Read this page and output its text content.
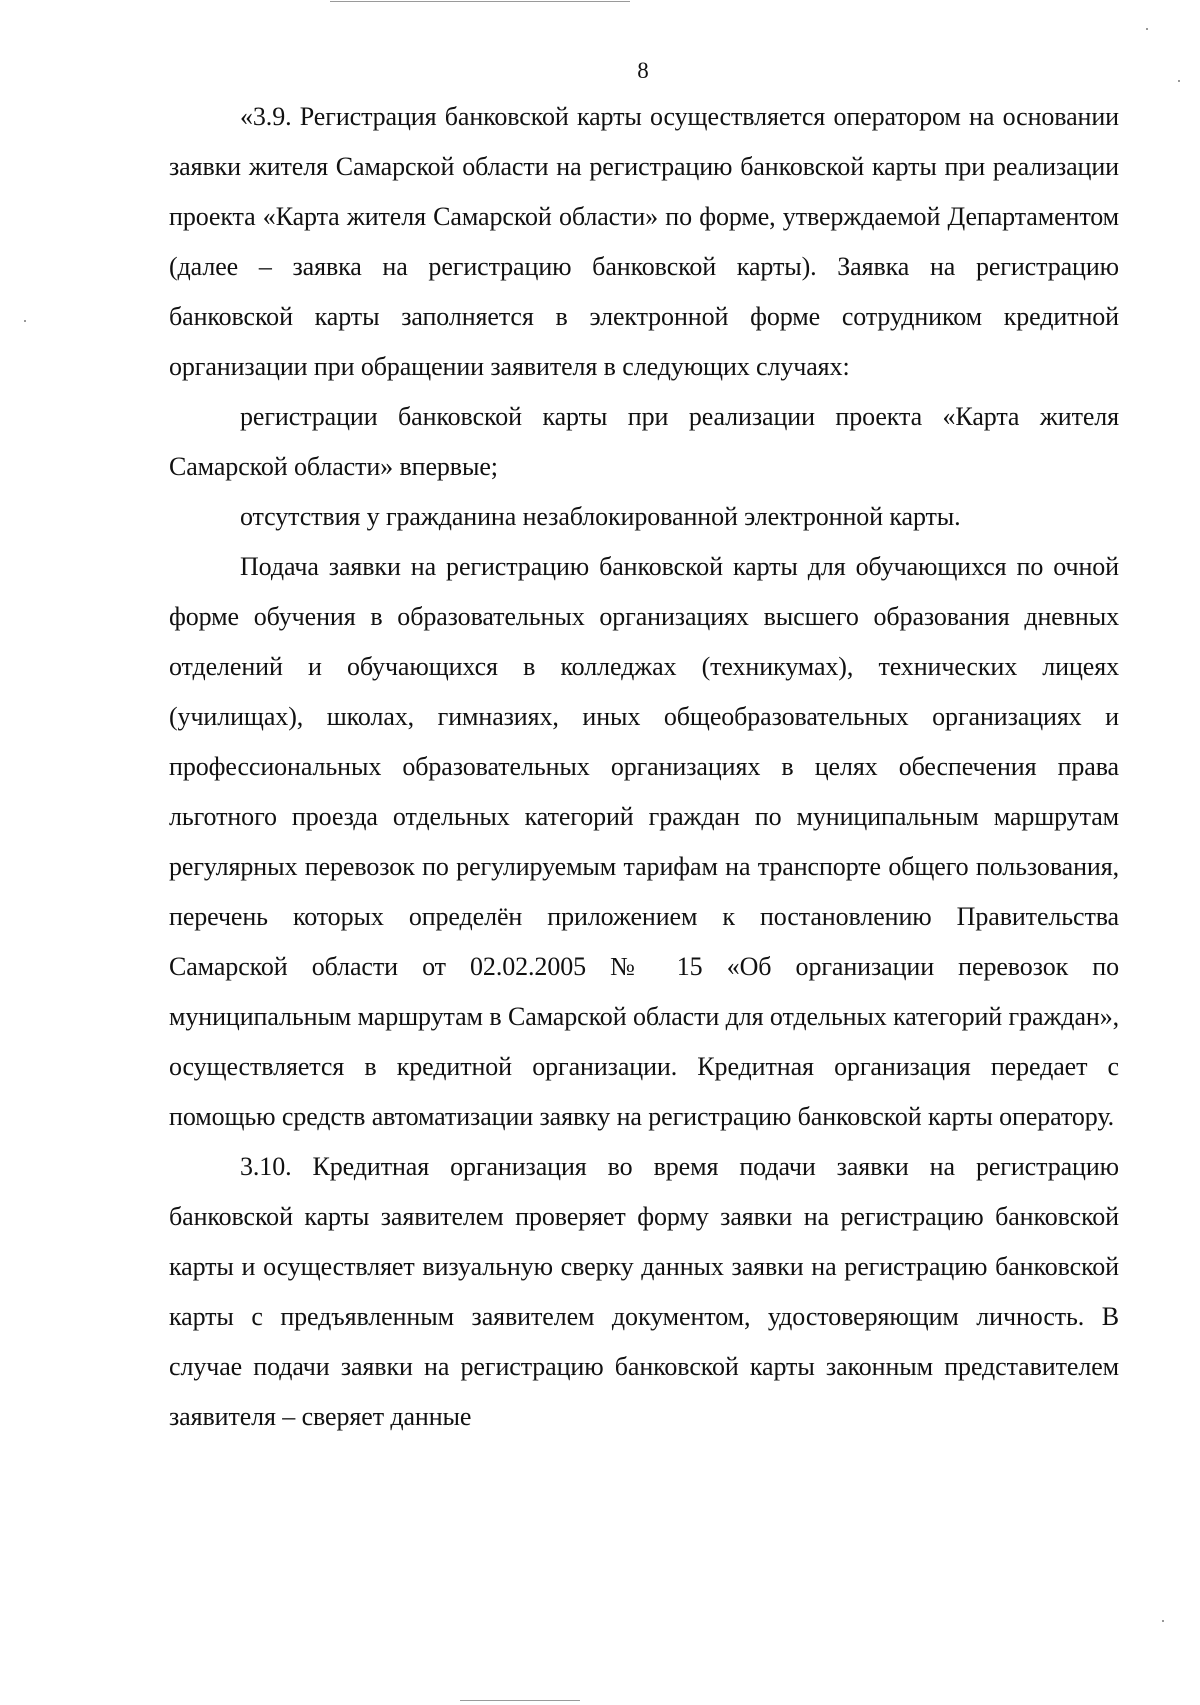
8

«3.9. Регистрация банковской карты осуществляется оператором на основании заявки жителя Самарской области на регистрацию банковской карты при реализации проекта «Карта жителя Самарской области» по форме, утверждаемой Департаментом (далее – заявка на регистрацию банковской карты). Заявка на регистрацию банковской карты заполняется в электронной форме сотрудником кредитной организации при обращении заявителя в следующих случаях:

регистрации банковской карты при реализации проекта «Карта жителя Самарской области» впервые;

отсутствия у гражданина незаблокированной электронной карты.

Подача заявки на регистрацию банковской карты для обучающихся по очной форме обучения в образовательных организациях высшего образования дневных отделений и обучающихся в колледжах (техникумах), технических лицеях (училищах), школах, гимназиях, иных общеобразовательных организациях и профессиональных образовательных организациях в целях обеспечения права льготного проезда отдельных категорий граждан по муниципальным маршрутам регулярных перевозок по регулируемым тарифам на транспорте общего пользования, перечень которых определён приложением к постановлению Правительства Самарской области от 02.02.2005 № 15 «Об организации перевозок по муниципальным маршрутам в Самарской области для отдельных категорий граждан», осуществляется в кредитной организации. Кредитная организация передает с помощью средств автоматизации заявку на регистрацию банковской карты оператору.

3.10. Кредитная организация во время подачи заявки на регистрацию банковской карты заявителем проверяет форму заявки на регистрацию банковской карты и осуществляет визуальную сверку данных заявки на регистрацию банковской карты с предъявленным заявителем документом, удостоверяющим личность. В случае подачи заявки на регистрацию банковской карты законным представителем заявителя – сверяет данные
